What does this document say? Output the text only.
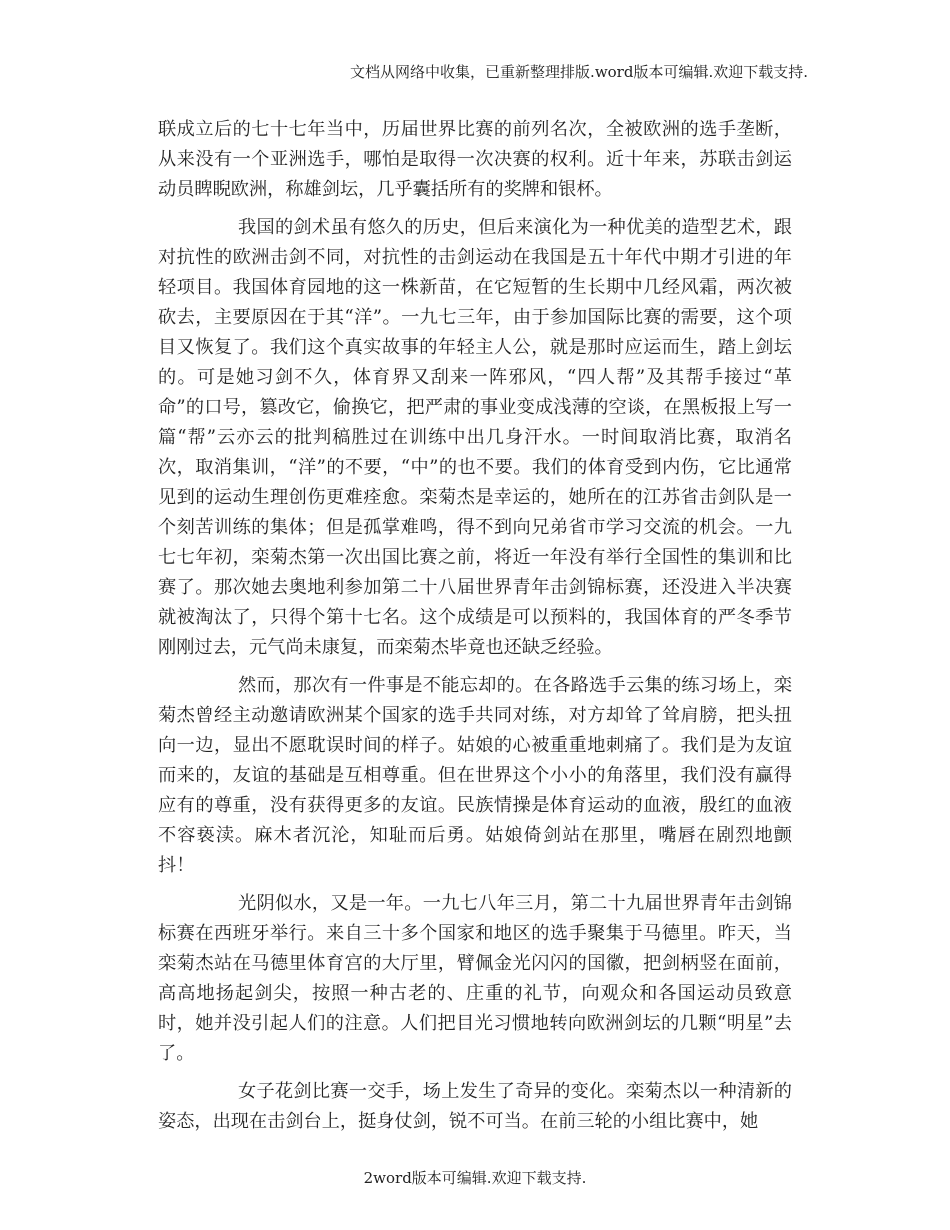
文档从网络中收集，已重新整理排版.word版本可编辑.欢迎下载支持.

联成立后的七十七年当中，历届世界比赛的前列名次，全被欧洲的选手垄断，从来没有一个亚洲选手，哪怕是取得一次决赛的权利。近十年来，苏联击剑运动员睥睨欧洲，称雄剑坛，几乎囊括所有的奖牌和银杯。

我国的剑术虽有悠久的历史，但后来演化为一种优美的造型艺术，跟对抗性的欧洲击剑不同，对抗性的击剑运动在我国是五十年代中期才引进的年轻项目。我国体育园地的这一株新苗，在它短暂的生长期中几经风霜，两次被砍去，主要原因在于其“洋”。一九七三年，由于参加国际比赛的需要，这个项目又恢复了。我们这个真实故事的年轻主人公，就是那时应运而生，踏上剑坛的。可是她习剑不久，体育界又刮来一阵邪风，“四人帮”及其帮手接过“革命”的口号，篡改它，偷换它，把严肃的事业变成浅薄的空谈，在黑板报上写一篇“帮”云亦云的批判稿胜过在训练中出几身汗水。一时间取消比赛，取消名次，取消集训，“洋”的不要，“中”的也不要。我们的体育受到内伤，它比通常见到的运动生理创伤更难痊愈。栾菊杰是幸运的，她所在的江苏省击剑队是一个刻苦训练的集体；但是孤掌难鸣，得不到向兄弟省市学习交流的机会。一九七七年初，栾菊杰第一次出国比赛之前，将近一年没有举行全国性的集训和比赛了。那次她去奥地利参加第二十八届世界青年击剑锦标赛，还没进入半决赛就被淘汰了，只得个第十七名。这个成绩是可以预料的，我国体育的严冬季节刚刚过去，元气尚未康复，而栾菊杰毕竟也还缺乏经验。

然而，那次有一件事是不能忘却的。在各路选手云集的练习场上，栾菊杰曾经主动邀请欧洲某个国家的选手共同对练，对方却耸了耸肩膀，把头扭向一边，显出不愿耽误时间的样子。姑娘的心被重重地刺痛了。我们是为友谊而来的，友谊的基础是互相尊重。但在世界这个小小的角落里，我们没有赢得应有的尊重，没有获得更多的友谊。民族情操是体育运动的血液，殷红的血液不容亵渎。麻木者沉沦，知耻而后勇。姑娘倚剑站在那里，嘴唇在剧烈地颤抖！

光阴似水，又是一年。一九七八年三月，第二十九届世界青年击剑锦标赛在西班牙举行。来自三十多个国家和地区的选手聚集于马德里。昨天，当栾菊杰站在马德里体育宫的大厅里，臂佩金光闪闪的国徽，把剑柄竖在面前，高高地扬起剑尖，按照一种古老的、庄重的礼节，向观众和各国运动员致意时，她并没引起人们的注意。人们把目光习惯地转向欧洲剑坛的几颗“明星”去了。

女子花剑比赛一交手，场上发生了奇异的变化。栾菊杰以一种清新的姿态，出现在击剑台上，挺身仗剑，锐不可当。在前三轮的小组比赛中，她

2word版本可编辑.欢迎下载支持.
